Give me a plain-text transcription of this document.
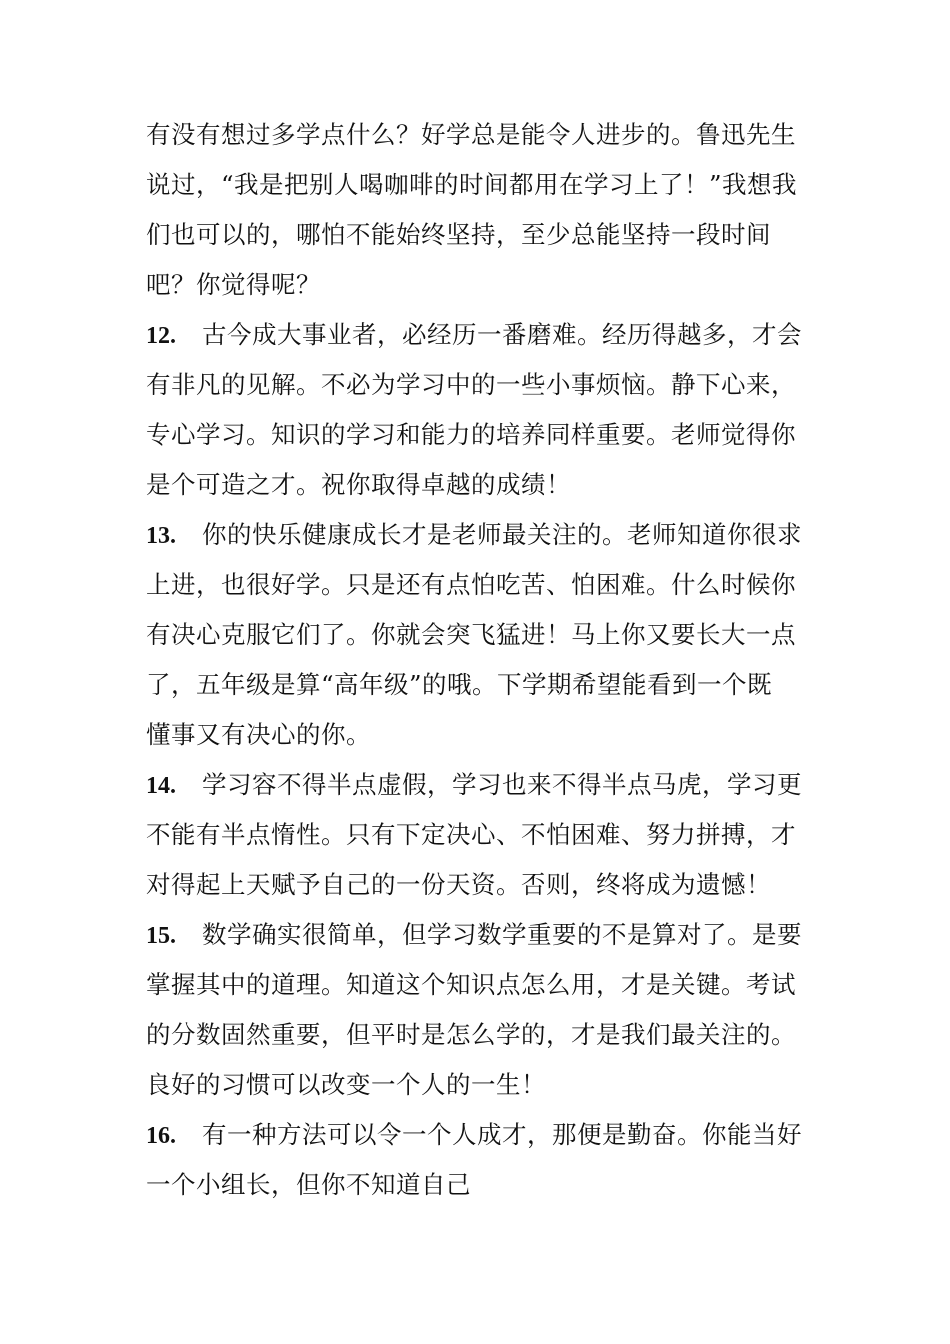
有没有想过多学点什么？好学总是能令人进步的。鲁迅先生
说过，“我是把别人喝咖啡的时间都用在学习上了！”我想我
们也可以的，哪怕不能始终坚持，至少总能坚持一段时间
吧？你觉得呢？
12. 古今成大事业者，必经历一番磨难。经历得越多，才会
有非凡的见解。不必为学习中的一些小事烦恼。静下心来，
专心学习。知识的学习和能力的培养同样重要。老师觉得你
是个可造之才。祝你取得卓越的成绩！
13. 你的快乐健康成长才是老师最关注的。老师知道你很求
上进，也很好学。只是还有点怕吃苦、怕困难。什么时候你
有决心克服它们了。你就会突飞猛进！马上你又要长大一点
了，五年级是算“高年级”的哦。下学期希望能看到一个既
懂事又有决心的你。
14. 学习容不得半点虚假，学习也来不得半点马虎，学习更
不能有半点惰性。只有下定决心、不怕困难、努力拼搏，才
对得起上天赋予自己的一份天资。否则，终将成为遗憾！
15. 数学确实很简单，但学习数学重要的不是算对了。是要
掌握其中的道理。知道这个知识点怎么用，才是关键。考试
的分数固然重要，但平时是怎么学的，才是我们最关注的。
良好的习惯可以改变一个人的一生！
16. 有一种方法可以令一个人成才，那便是勤奋。你能当好
一个小组长，但你不知道自己
